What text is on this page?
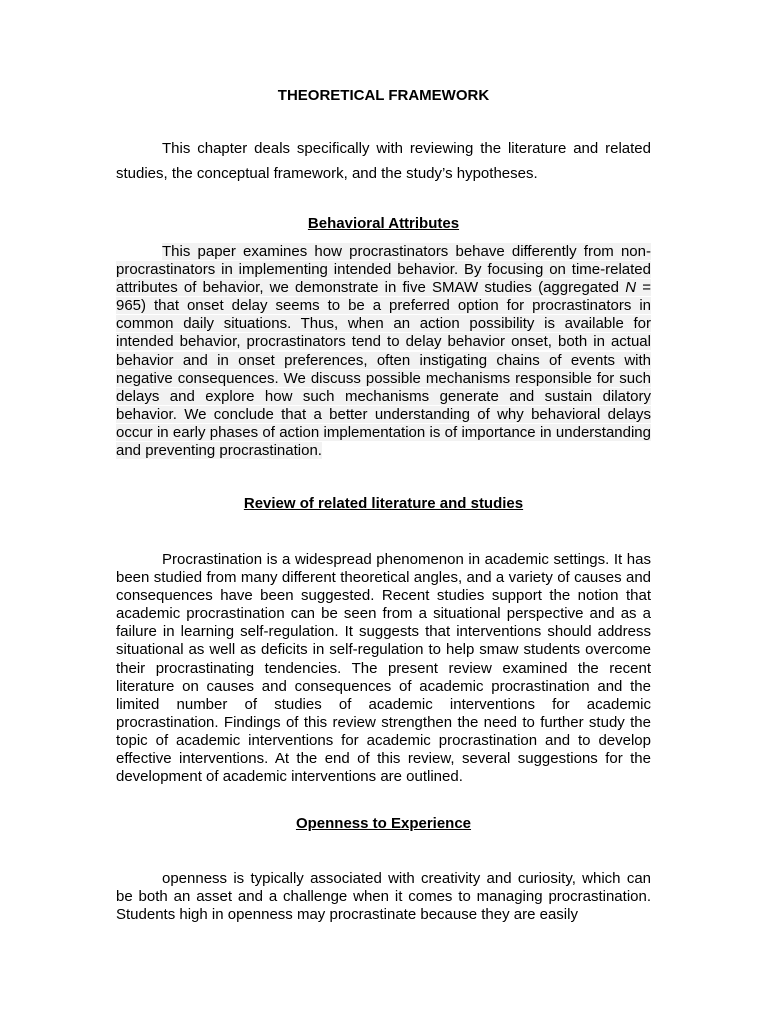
THEORETICAL FRAMEWORK
This chapter deals specifically with reviewing the literature and related studies, the conceptual framework, and the study’s hypotheses.
Behavioral Attributes
This paper examines how procrastinators behave differently from non-procrastinators in implementing intended behavior. By focusing on time-related attributes of behavior, we demonstrate in five SMAW studies (aggregated N = 965) that onset delay seems to be a preferred option for procrastinators in common daily situations. Thus, when an action possibility is available for intended behavior, procrastinators tend to delay behavior onset, both in actual behavior and in onset preferences, often instigating chains of events with negative consequences. We discuss possible mechanisms responsible for such delays and explore how such mechanisms generate and sustain dilatory behavior. We conclude that a better understanding of why behavioral delays occur in early phases of action implementation is of importance in understanding and preventing procrastination.
Review of related literature and studies
Procrastination is a widespread phenomenon in academic settings. It has been studied from many different theoretical angles, and a variety of causes and consequences have been suggested. Recent studies support the notion that academic procrastination can be seen from a situational perspective and as a failure in learning self-regulation. It suggests that interventions should address situational as well as deficits in self-regulation to help smaw students overcome their procrastinating tendencies. The present review examined the recent literature on causes and consequences of academic procrastination and the limited number of studies of academic interventions for academic procrastination. Findings of this review strengthen the need to further study the topic of academic interventions for academic procrastination and to develop effective interventions. At the end of this review, several suggestions for the development of academic interventions are outlined.
Openness to Experience
openness is typically associated with creativity and curiosity, which can be both an asset and a challenge when it comes to managing procrastination. Students high in openness may procrastinate because they are easily
